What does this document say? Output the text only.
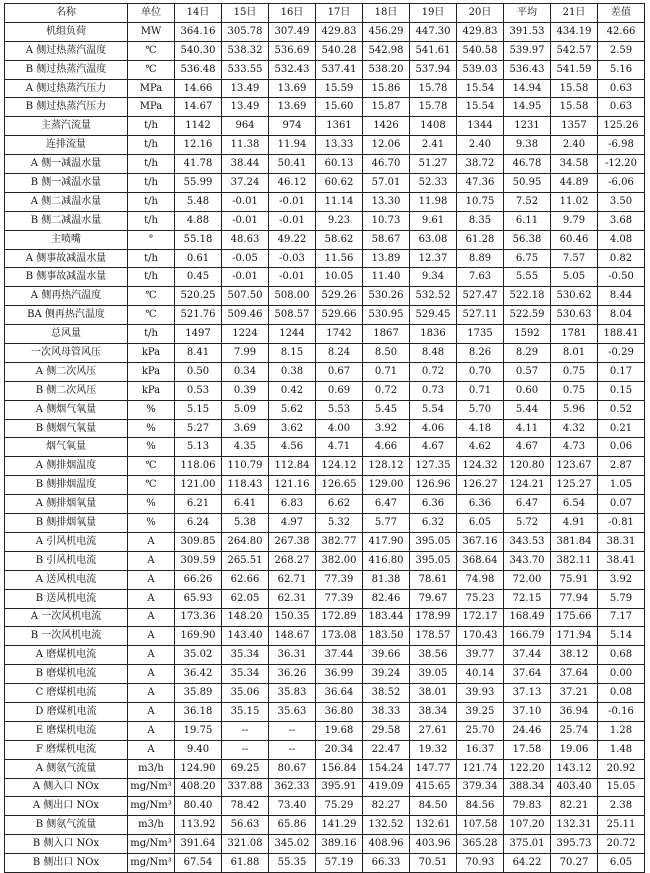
名称	单位	14日	15日	16日	17日	18日	19日	20日	平均	21日	差值
机组负荷	MW	364.16	305.78	307.49	429.83	456.29	447.30	429.83	391.53	434.19	42.66
A 侧过热蒸汽温度	℃	540.30	538.32	536.69	540.28	542.98	541.61	540.58	539.97	542.57	2.59
B 侧过热蒸汽温度	℃	536.48	533.55	532.43	537.41	538.20	537.94	539.03	536.43	541.59	5.16
A 侧过热蒸汽压力	MPa	14.66	13.49	13.69	15.59	15.86	15.78	15.54	14.94	15.58	0.63
B 侧过热蒸汽压力	MPa	14.67	13.49	13.69	15.60	15.87	15.78	15.54	14.95	15.58	0.63
主蒸汽流量	t/h	1142	964	974	1361	1426	1408	1344	1231	1357	125.26
连排流量	t/h	12.16	11.38	11.94	13.33	12.06	2.41	2.40	9.38	2.40	-6.98
A 侧一减温水量	t/h	41.78	38.44	50.41	60.13	46.70	51.27	38.72	46.78	34.58	-12.20
B 侧一减温水量	t/h	55.99	37.24	46.12	60.62	57.01	52.33	47.36	50.95	44.89	-6.06
A 侧二减温水量	t/h	5.48	-0.01	-0.01	11.14	13.30	11.98	10.75	7.52	11.02	3.50
B 侧二减温水量	t/h	4.88	-0.01	-0.01	9.23	10.73	9.61	8.35	6.11	9.79	3.68
主喷嘴	°	55.18	48.63	49.22	58.62	58.67	63.08	61.28	56.38	60.46	4.08
A 侧事故减温水量	t/h	0.61	-0.05	-0.03	11.56	13.89	12.37	8.89	6.75	7.57	0.82
B 侧事故减温水量	t/h	0.45	-0.01	-0.01	10.05	11.40	9.34	7.63	5.55	5.05	-0.50
A 侧再热汽温度	℃	520.25	507.50	508.00	529.26	530.26	532.52	527.47	522.18	530.62	8.44
BA 侧再热汽温度	℃	521.76	509.46	508.57	529.66	530.95	529.45	527.11	522.59	530.63	8.04
总风量	t/h	1497	1224	1244	1742	1867	1836	1735	1592	1781	188.41
一次风母管风压	kPa	8.41	7.99	8.15	8.24	8.50	8.48	8.26	8.29	8.01	-0.29
A 侧二次风压	kPa	0.50	0.34	0.38	0.67	0.71	0.72	0.70	0.57	0.75	0.17
B 侧二次风压	kPa	0.53	0.39	0.42	0.69	0.72	0.73	0.71	0.60	0.75	0.15
A 侧烟气氧量	%	5.15	5.09	5.62	5.53	5.45	5.54	5.70	5.44	5.96	0.52
B 侧烟气氧量	%	5.27	3.69	3.62	4.00	3.92	4.06	4.18	4.11	4.32	0.21
烟气氧量	%	5.13	4.35	4.56	4.71	4.66	4.67	4.62	4.67	4.73	0.06
A 侧排烟温度	℃	118.06	110.79	112.84	124.12	128.12	127.35	124.32	120.80	123.67	2.87
B 侧排烟温度	℃	121.00	118.43	121.16	126.65	129.00	126.96	126.27	124.21	125.27	1.05
A 侧排烟氧量	%	6.21	6.41	6.83	6.62	6.47	6.36	6.36	6.47	6.54	0.07
B 侧排烟氧量	%	6.24	5.38	4.97	5.32	5.77	6.32	6.05	5.72	4.91	-0.81
A 引风机电流	A	309.85	264.80	267.38	382.77	417.90	395.05	367.16	343.53	381.84	38.31
B 引风机电流	A	309.59	265.51	268.27	382.00	416.80	395.05	368.64	343.70	382.11	38.41
A 送风机电流	A	66.26	62.66	62.71	77.39	81.38	78.61	74.98	72.00	75.91	3.92
B 送风机电流	A	65.93	62.05	62.31	77.39	82.46	79.67	75.23	72.15	77.94	5.79
A 一次风机电流	A	173.36	148.20	150.35	172.89	183.44	178.99	172.17	168.49	175.66	7.17
B 一次风机电流	A	169.90	143.40	148.67	173.08	183.50	178.57	170.43	166.79	171.94	5.14
A 磨煤机电流	A	35.02	35.34	36.31	37.44	39.66	38.56	39.77	37.44	38.12	0.68
B 磨煤机电流	A	36.42	35.34	36.26	36.99	39.24	39.05	40.14	37.64	37.64	0.00
C 磨煤机电流	A	35.89	35.06	35.83	36.64	38.52	38.01	39.93	37.13	37.21	0.08
D 磨煤机电流	A	36.18	35.15	35.63	36.80	38.33	38.34	39.25	37.10	36.94	-0.16
E 磨煤机电流	A	19.75	--	--	19.68	29.58	27.61	25.70	24.46	25.74	1.28
F 磨煤机电流	A	9.40	--	--	20.34	22.47	19.32	16.37	17.58	19.06	1.48
A 侧氨气流量	m3/h	124.90	69.25	80.67	156.84	154.24	147.77	121.74	122.20	143.12	20.92
A 侧入口 NOx	mg/Nm³	408.20	337.88	362.33	395.91	419.09	415.65	379.34	388.34	403.40	15.05
A 侧出口 NOx	mg/Nm³	80.40	78.42	73.40	75.29	82.27	84.50	84.56	79.83	82.21	2.38
B 侧氨气流量	m3/h	113.92	56.63	65.86	141.29	132.52	132.61	107.58	107.20	132.31	25.11
B 侧入口 NOx	mg/Nm³	391.64	321.08	345.02	389.16	408.96	403.96	365.28	375.01	395.73	20.72
B 侧出口 NOx	mg/Nm³	67.54	61.88	55.35	57.19	66.33	70.51	70.93	64.22	70.27	6.05
